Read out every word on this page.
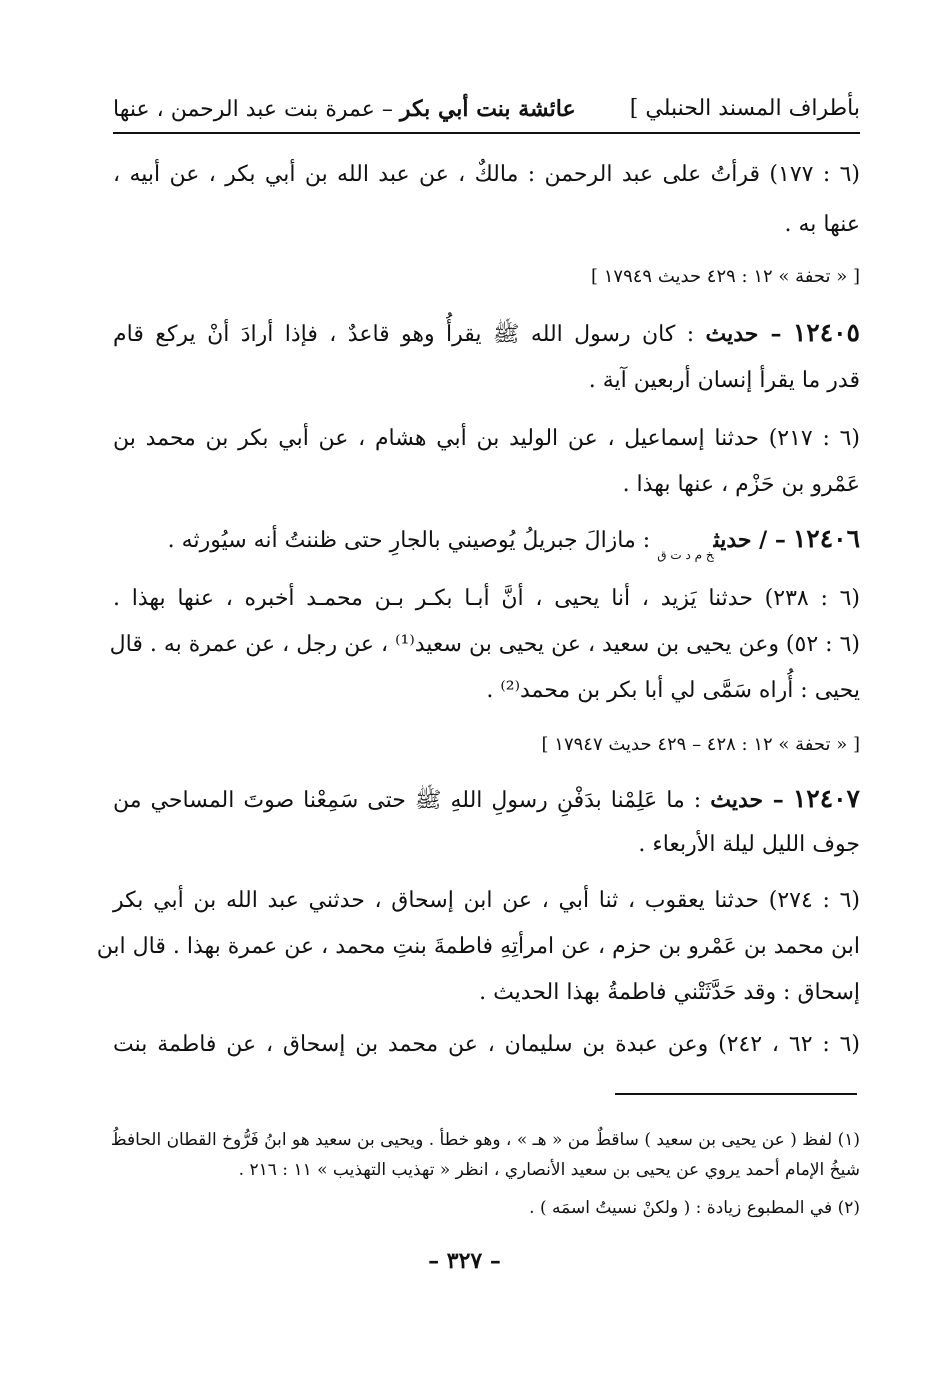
بأطراف المسند الحنبلي ]
عائشة بنت أبي بكر – عمرة بنت عبد الرحمن ، عنها
(٦ : ١٧٧) قرأتُ على عبد الرحمن : مالكٌ ، عن عبد الله بن أبي بكر ، عن أبيه ،
عنها به .
[ « تحفة » ١٢ : ٤٢٩ حديث ١٧٩٤٩ ]
١٢٤٠٥ – حديث : كان رسول الله ﷺ يقرأُ وهو قاعدٌ ، فإذا أرادَ أنْ يركع قام
قدر ما يقرأ إنسان أربعين آية .
(٦ : ٢١٧) حدثنا إسماعيل ، عن الوليد بن أبي هشام ، عن أبي بكر بن محمد بن
عَمْرو بن حَزْم ، عنها بهذا .
١٢٤٠٦ – / حديث$_{خ م د ت ق}$ : مازالَ جبريلُ يُوصيني بالجارِ حتى ظننتُ أنه سيُورثه .
(٦ : ٢٣٨) حدثنا يَزيد ، أنا يحيى ، أنَّ أبـا بكـر بـن محمـد أخبره ، عنها بهذا .
(٦ : ٥٢) وعن يحيى بن سعيد ، عن يحيى بن سعيد⁽¹⁾ ، عن رجل ، عن عمرة به . قال
يحيى : أُراه سَمَّى لي أبا بكر بن محمد⁽²⁾ .
[ « تحفة » ١٢ : ٤٢٨ – ٤٢٩ حديث ١٧٩٤٧ ]
١٢٤٠٧ – حديث : ما عَلِمْنا بدَفْنِ رسولِ اللهِ ﷺ حتى سَمِعْنا صوتَ المساحي من
جوف الليل ليلة الأربعاء .
(٦ : ٢٧٤) حدثنا يعقوب ، ثنا أبي ، عن ابن إسحاق ، حدثني عبد الله بن أبي بكر
ابن محمد بن عَمْرو بن حزم ، عن امرأتِهِ فاطمةَ بنتِ محمد ، عن عمرة بهذا . قال ابن
إسحاق : وقد حَدَّثَتْني فاطمةُ بهذا الحديث .
(٦ : ٦٢ ، ٢٤٢) وعن عبدة بن سليمان ، عن محمد بن إسحاق ، عن فاطمة بنت
(١) لفظ ( عن يحيى بن سعيد ) ساقطٌ من « هـ » ، وهو خطأ . ويحيى بن سعيد هو ابنُ فَرُّوخ القطان الحافظُ
شيخُ الإمام أحمد يروي عن يحيى بن سعيد الأنصاري ، انظر « تهذيب التهذيب » ١١ : ٢١٦ .
(٢) في المطبوع زيادة : ( ولكنْ نسيتُ اسمَه ) .
– ٣٢٧ –
